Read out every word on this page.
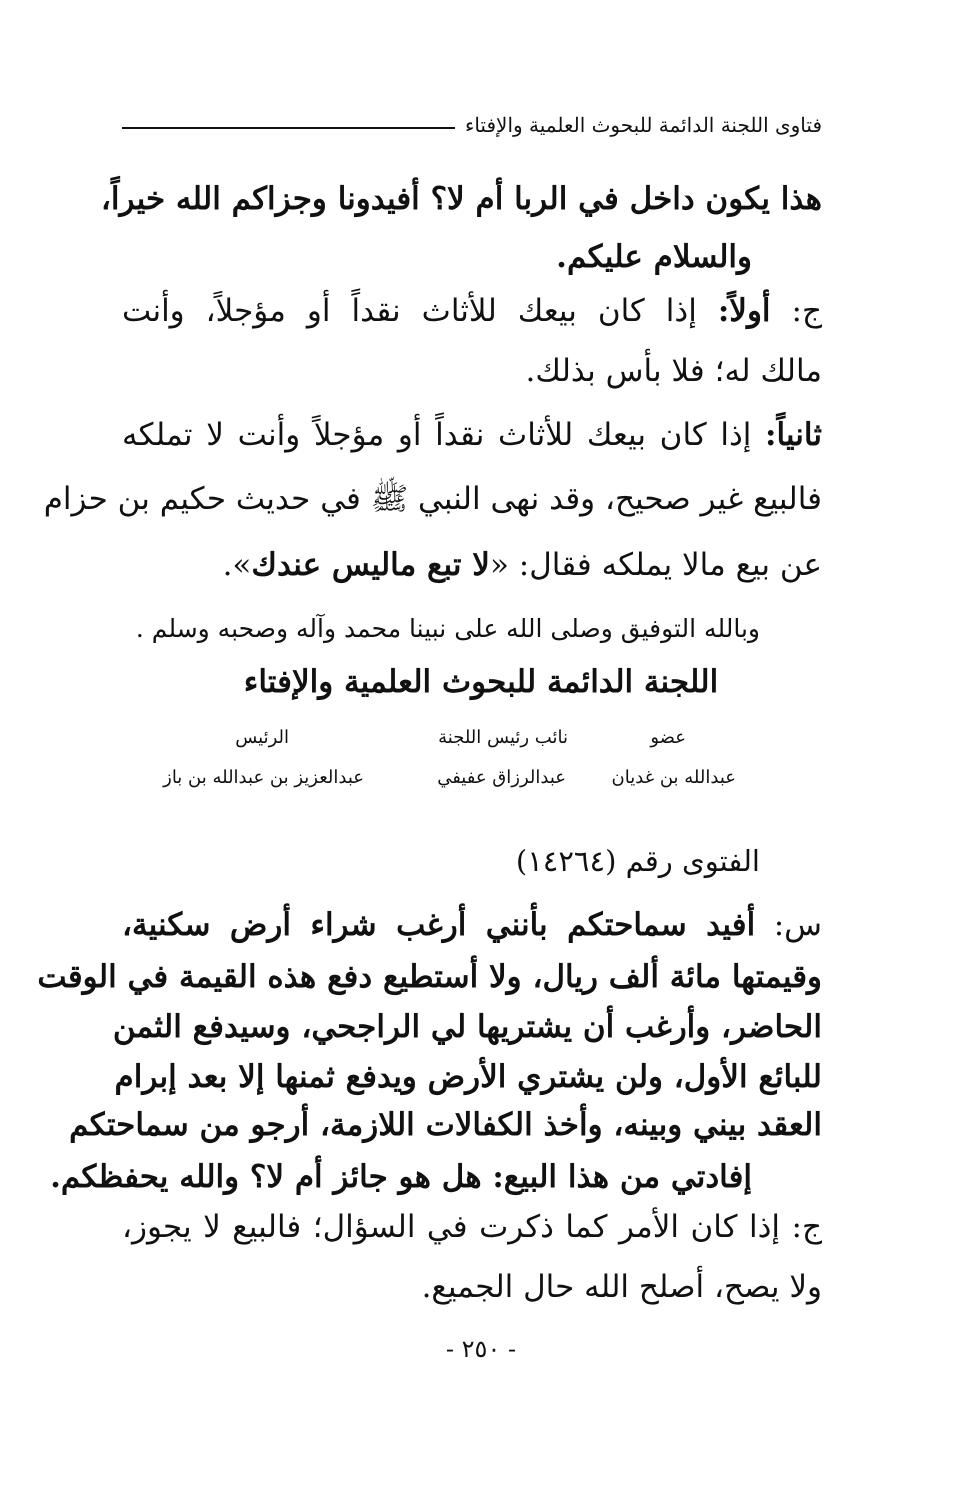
فتاوى اللجنة الدائمة للبحوث العلمية والإفتاء
هذا يكون داخل في الربا أم لا؟ أفيدونا وجزاكم الله خيراً،
والسلام عليكم.
ج: أولاً: إذا كان بيعك للأثاث نقداً أو مؤجلاً، وأنت
مالك له؛ فلا بأس بذلك.
ثانياً: إذا كان بيعك للأثاث نقداً أو مؤجلاً وأنت لا تملكه
فالبيع غير صحيح، وقد نهى النبي ﷺ في حديث حكيم بن حزام
عن بيع مالا يملكه فقال: «لا تبع ماليس عندك».
وبالله التوفيق وصلى الله على نبينا محمد وآله وصحبه وسلم .
اللجنة الدائمة للبحوث العلمية والإفتاء
عضو
عبدالله بن غديان
نائب رئيس اللجنة
عبدالرزاق عفيفي
الرئيس
عبدالعزيز بن عبدالله بن باز
الفتوى رقم (١٤٢٦٤)
س: أفيد سماحتكم بأنني أرغب شراء أرض سكنية،
وقيمتها مائة ألف ريال، ولا أستطيع دفع هذه القيمة في الوقت
الحاضر، وأرغب أن يشتريها لي الراجحي، وسيدفع الثمن
للبائع الأول، ولن يشتري الأرض ويدفع ثمنها إلا بعد إبرام
العقد بيني وبينه، وأخذ الكفالات اللازمة، أرجو من سماحتكم
إفادتي من هذا البيع: هل هو جائز أم لا؟ والله يحفظكم.
ج: إذا كان الأمر كما ذكرت في السؤال؛ فالبيع لا يجوز،
ولا يصح، أصلح الله حال الجميع.
- ٢٥٠ -
